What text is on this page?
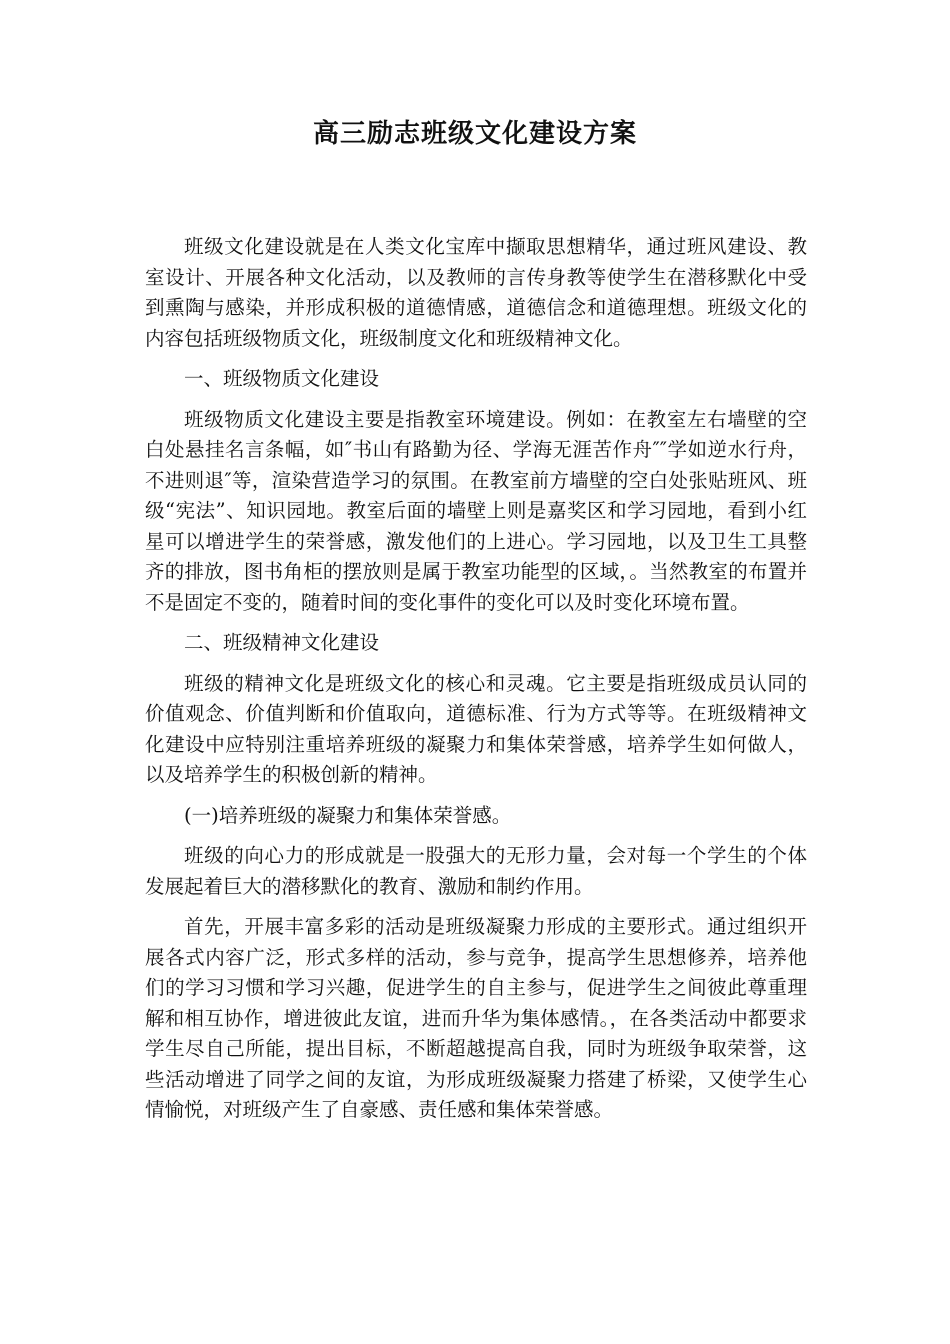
高三励志班级文化建设方案

班级文化建设就是在人类文化宝库中撷取思想精华，通过班风建设、教室设计、开展各种文化活动，以及教师的言传身教等使学生在潜移默化中受到熏陶与感染，并形成积极的道德情感，道德信念和道德理想。班级文化的内容包括班级物质文化，班级制度文化和班级精神文化。

一、班级物质文化建设

班级物质文化建设主要是指教室环境建设。例如：在教室左右墙壁的空白处悬挂名言条幅，如″书山有路勤为径、学海无涯苦作舟″″学如逆水行舟，不进则退″等，渲染营造学习的氛围。在教室前方墙壁的空白处张贴班风、班级“宪法”、知识园地。教室后面的墙壁上则是嘉奖区和学习园地，看到小红星可以增进学生的荣誉感，激发他们的上进心。学习园地，以及卫生工具整齐的排放，图书角柜的摆放则是属于教室功能型的区域，。当然教室的布置并不是固定不变的，随着时间的变化事件的变化可以及时变化环境布置。

二、班级精神文化建设

班级的精神文化是班级文化的核心和灵魂。它主要是指班级成员认同的价值观念、价值判断和价值取向，道德标准、行为方式等等。在班级精神文化建设中应特别注重培养班级的凝聚力和集体荣誉感，培养学生如何做人，以及培养学生的积极创新的精神。

(一)培养班级的凝聚力和集体荣誉感。

班级的向心力的形成就是一股强大的无形力量，会对每一个学生的个体发展起着巨大的潜移默化的教育、激励和制约作用。

首先，开展丰富多彩的活动是班级凝聚力形成的主要形式。通过组织开展各式内容广泛，形式多样的活动，参与竞争，提高学生思想修养，培养他们的学习习惯和学习兴趣，促进学生的自主参与，促进学生之间彼此尊重理解和相互协作，增进彼此友谊，进而升华为集体感情。，在各类活动中都要求学生尽自己所能，提出目标，不断超越提高自我，同时为班级争取荣誉，这些活动增进了同学之间的友谊，为形成班级凝聚力搭建了桥梁，又使学生心情愉悦，对班级产生了自豪感、责任感和集体荣誉感。
